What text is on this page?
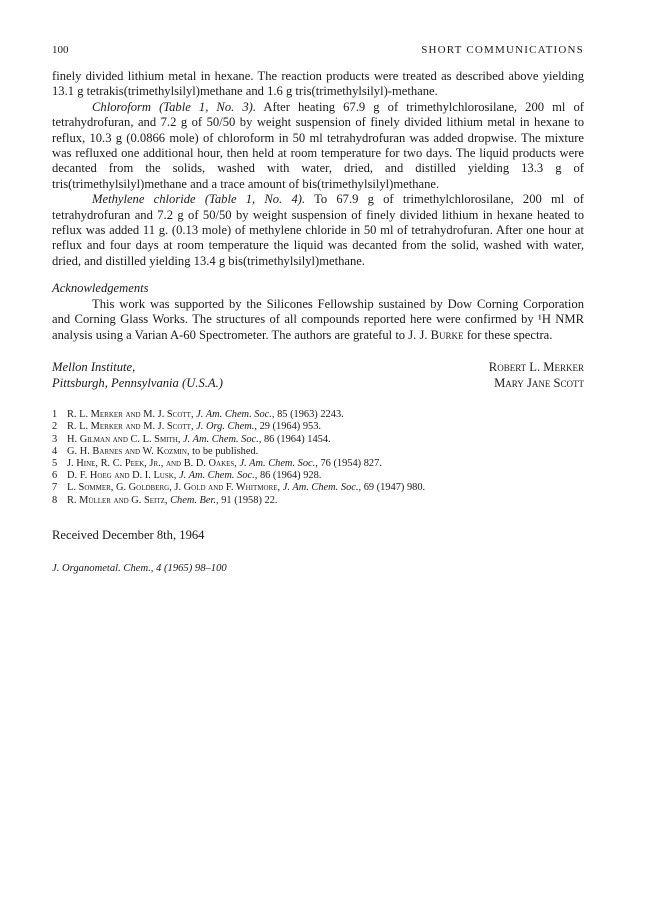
100	SHORT COMMUNICATIONS

finely divided lithium metal in hexane. The reaction products were treated as described above yielding 13.1 g tetrakis(trimethylsilyl)methane and 1.6 g tris(trimethylsilyl)-methane.

Chloroform (Table 1, No. 3). After heating 67.9 g of trimethylchlorosilane, 200 ml of tetrahydrofuran, and 7.2 g of 50/50 by weight suspension of finely divided lithium metal in hexane to reflux, 10.3 g (0.0866 mole) of chloroform in 50 ml tetrahydrofuran was added dropwise. The mixture was refluxed one additional hour, then held at room temperature for two days. The liquid products were decanted from the solids, washed with water, dried, and distilled yielding 13.3 g of tris(trimethylsilyl)methane and a trace amount of bis(trimethylsilyl)methane.

Methylene chloride (Table 1, No. 4). To 67.9 g of trimethylchlorosilane, 200 ml of tetrahydrofuran and 7.2 g of 50/50 by weight suspension of finely divided lithium in hexane heated to reflux was added 11 g. (0.13 mole) of methylene chloride in 50 ml of tetrahydrofuran. After one hour at reflux and four days at room temperature the liquid was decanted from the solid, washed with water, dried, and distilled yielding 13.4 g bis(trimethylsilyl)methane.

Acknowledgements

This work was supported by the Silicones Fellowship sustained by Dow Corning Corporation and Corning Glass Works. The structures of all compounds reported here were confirmed by ¹H NMR analysis using a Varian A-60 Spectrometer. The authors are grateful to J. J. Burke for these spectra.

Mellon Institute,
Pittsburgh, Pennsylvania (U.S.A.)
Robert L. Merker
Mary Jane Scott
1 R. L. Merker and M. J. Scott, J. Am. Chem. Soc., 85 (1963) 2243.
2 R. L. Merker and M. J. Scott, J. Org. Chem., 29 (1964) 953.
3 H. Gilman and C. L. Smith, J. Am. Chem. Soc., 86 (1964) 1454.
4 G. H. Barnes and W. Kozmin, to be published.
5 J. Hine, R. C. Peek, Jr., and B. D. Oakes, J. Am. Chem. Soc., 76 (1954) 827.
6 D. F. Hoeg and D. I. Lusk, J. Am. Chem. Soc., 86 (1964) 928.
7 L. Sommer, G. Goldberg, J. Gold and F. Whitmore, J. Am. Chem. Soc., 69 (1947) 980.
8 R. Müller and G. Seitz, Chem. Ber., 91 (1958) 22.
Received December 8th, 1964
J. Organometal. Chem., 4 (1965) 98–100
